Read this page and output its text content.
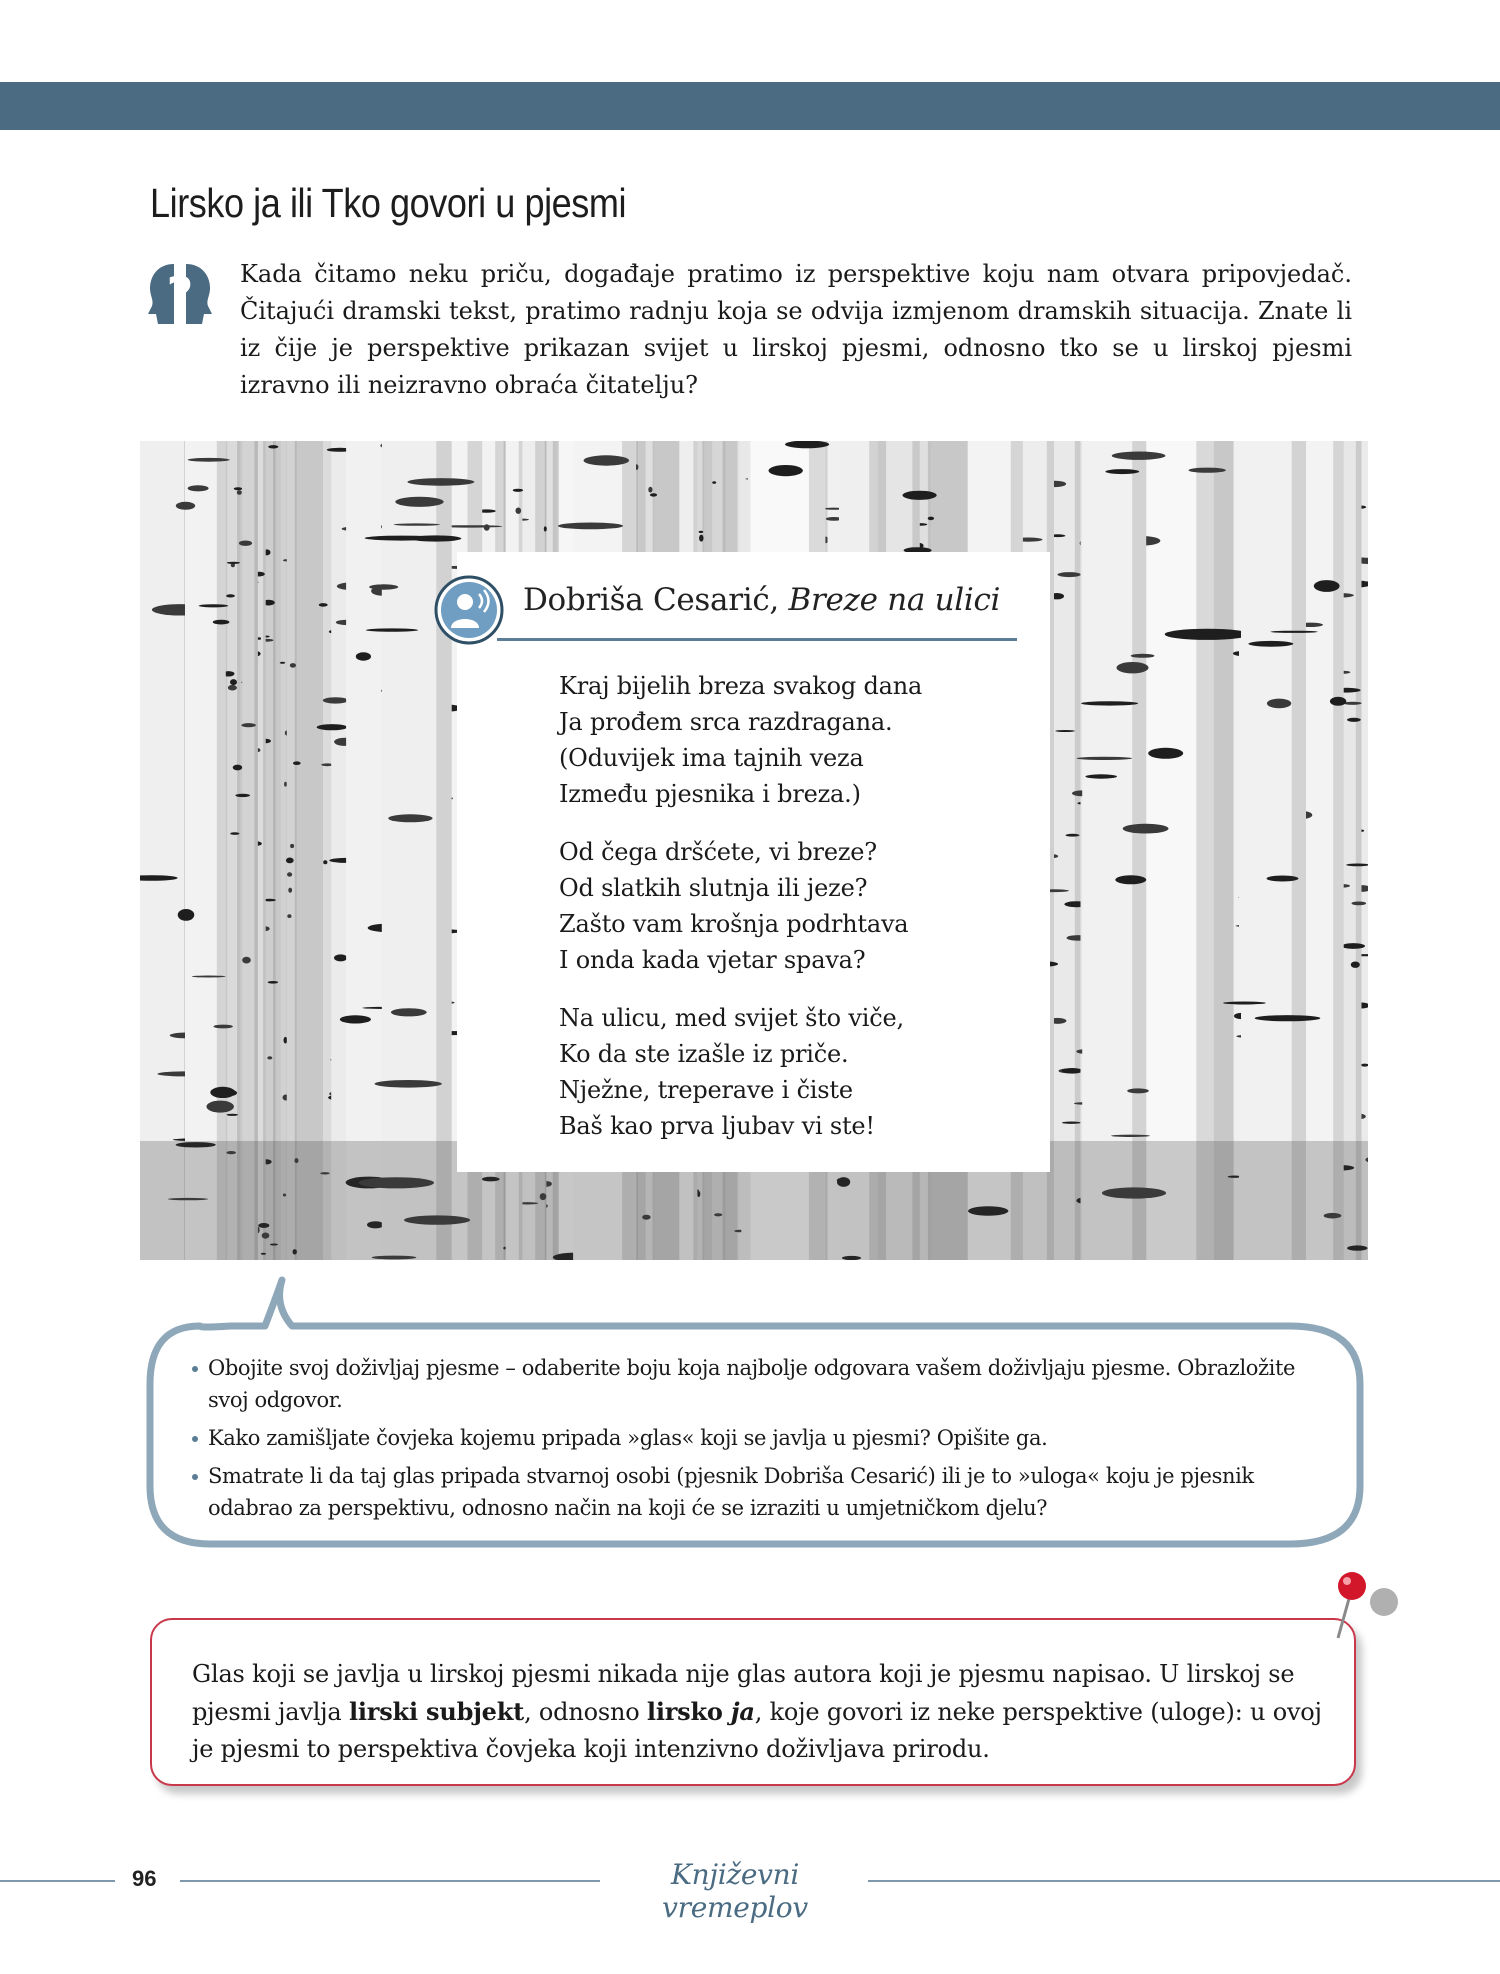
Lirsko ja ili Tko govori u pjesmi
? Kada čitamo neku priču, događaje pratimo iz perspektive koju nam otvara pripovjedač. Čitajući dramski tekst, pratimo radnju koja se odvija izmjenom dramskih situacija. Znate li iz čije je perspektive prikazan svijet u lirskoj pjesmi, odnosno tko se u lirskoj pjesmi izravno ili neizravno obraća čitatelju?

Dobriša Cesarić, Breze na ulici
Kraj bijelih breza svakog dana
Ja prođem srca razdragana.
(Oduvijek ima tajnih veza
Između pjesnika i breza.)
Od čega dršćete, vi breze?
Od slatkih slutnja ili jeze?
Zašto vam krošnja podrhtava
I onda kada vjetar spava?
Na ulicu, med svijet što viče,
Ko da ste izašle iz priče.
Nježne, treperave i čiste
Baš kao prva ljubav vi ste!
Obojite svoj doživljaj pjesme – odaberite boju koja najbolje odgovara vašem doživljaju pjesme. Obrazložite svoj odgovor.
Kako zamišljate čovjeka kojemu pripada »glas« koji se javlja u pjesmi? Opišite ga.
Smatrate li da taj glas pripada stvarnoj osobi (pjesnik Dobriša Cesarić) ili je to »uloga« koju je pjesnik odabrao za perspektivu, odnosno način na koji će se izraziti u umjetničkom djelu?

Glas koji se javlja u lirskoj pjesmi nikada nije glas autora koji je pjesmu napisao. U lirskoj se pjesmi javlja lirski subjekt, odnosno lirsko ja, koje govori iz neke perspektive (uloge): u ovoj je pjesmi to perspektiva čovjeka koji intenzivno doživljava prirodu.

96	Književni vremeplov
